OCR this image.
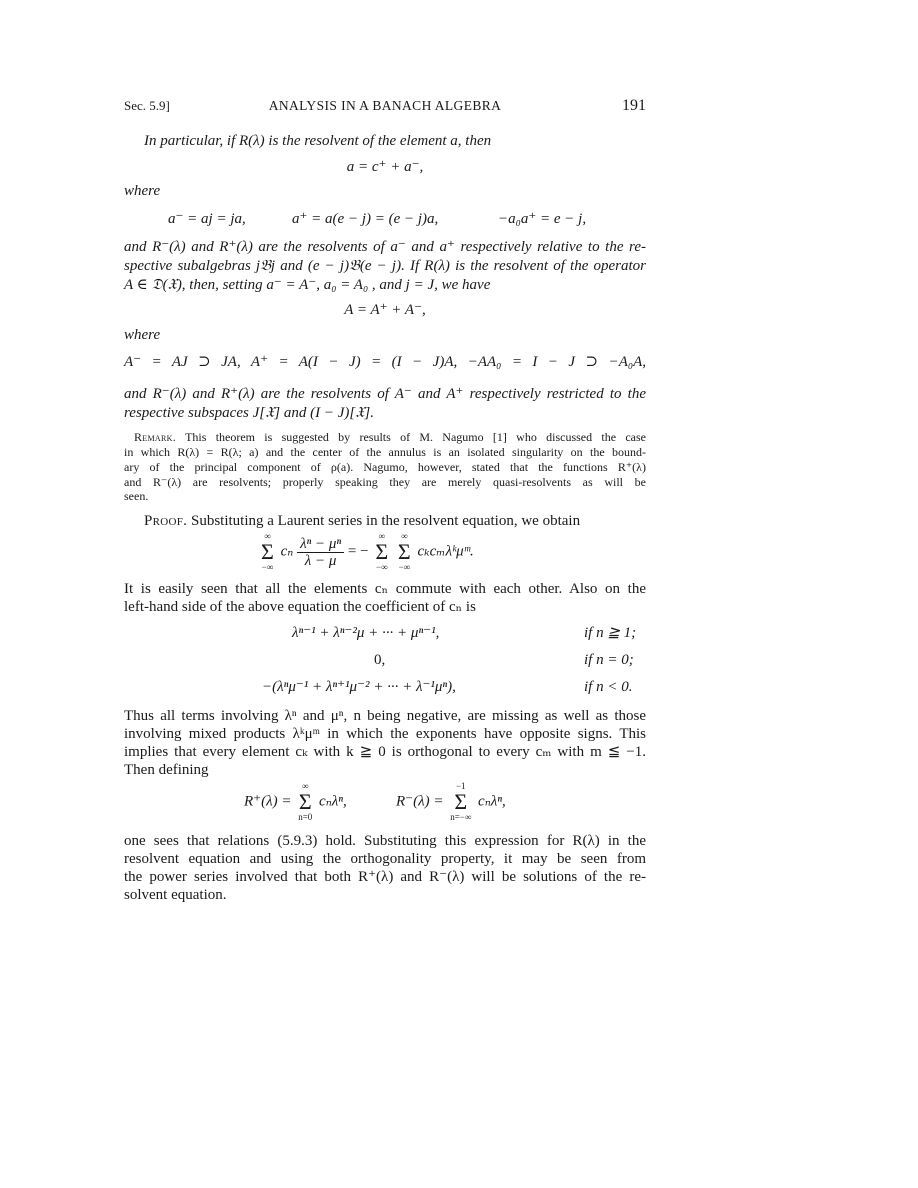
Sec. 5.9]	ANALYSIS IN A BANACH ALGEBRA	191
In particular, if R(λ) is the resolvent of the element a, then
a = c⁺ + a⁻,
where
a⁻ = aj = ja,	a⁺ = a(e − j) = (e − j)a,	−a₀a⁺ = e − j,
and R⁻(λ) and R⁺(λ) are the resolvents of a⁻ and a⁺ respectively relative to the re-
spective subalgebras j𝔅j and (e − j)𝔅(e − j). If R(λ) is the resolvent of the operator
A ∈ 𝔇(𝔛), then, setting a⁻ = A⁻, a₀ = A₀ , and j = J, we have
A = A⁺ + A⁻,
where
A⁻ = AJ ⊃ JA, A⁺ = A(I − J) = (I − J)A, −AA₀ = I − J ⊃ −A₀A,
and R⁻(λ) and R⁺(λ) are the resolvents of A⁻ and A⁺ respectively restricted to the
respective subspaces J[𝔛] and (I − J)[𝔛].
Remark. This theorem is suggested by results of M. Nagumo [1] who discussed the case
in which R(λ) = R(λ; a) and the center of the annulus is an isolated singularity on the bound-
ary of the principal component of ρ(a). Nagumo, however, stated that the functions R⁺(λ)
and R⁻(λ) are resolvents; properly speaking they are merely quasi-resolvents as will be
seen.
Proof. Substituting a Laurent series in the resolvent equation, we obtain
∞
Σ
−∞
cₙ $\frac{\text{λⁿ − μⁿ}}{\lambda - \mu}$ = −
∞
Σ
−∞

∞
Σ
−∞
cₖcₘλᵏμᵐ.
It is easily seen that all the elements cₙ commute with each other. Also on the
left-hand side of the above equation the coefficient of cₙ is
λⁿ⁻¹ + λⁿ⁻²μ + ··· + μⁿ⁻¹,	if n ≧ 1;
0,	if n = 0;
−(λⁿμ⁻¹ + λⁿ⁺¹μ⁻² + ··· + λ⁻¹μⁿ),	if n < 0.
Thus all terms involving λⁿ and μⁿ, n being negative, are missing as well as those
involving mixed products λᵏμᵐ in which the exponents have opposite signs. This
implies that every element cₖ with k ≧ 0 is orthogonal to every cₘ with m ≦ −1.
Then defining
R⁺(λ) =
∞
Σ
n=0
cₙλⁿ,	R⁻(λ) =
−1
Σ
n=−∞
cₙλⁿ,
one sees that relations (5.9.3) hold. Substituting this expression for R(λ) in the
resolvent equation and using the orthogonality property, it may be seen from
the power series involved that both R⁺(λ) and R⁻(λ) will be solutions of the re-
solvent equation.
